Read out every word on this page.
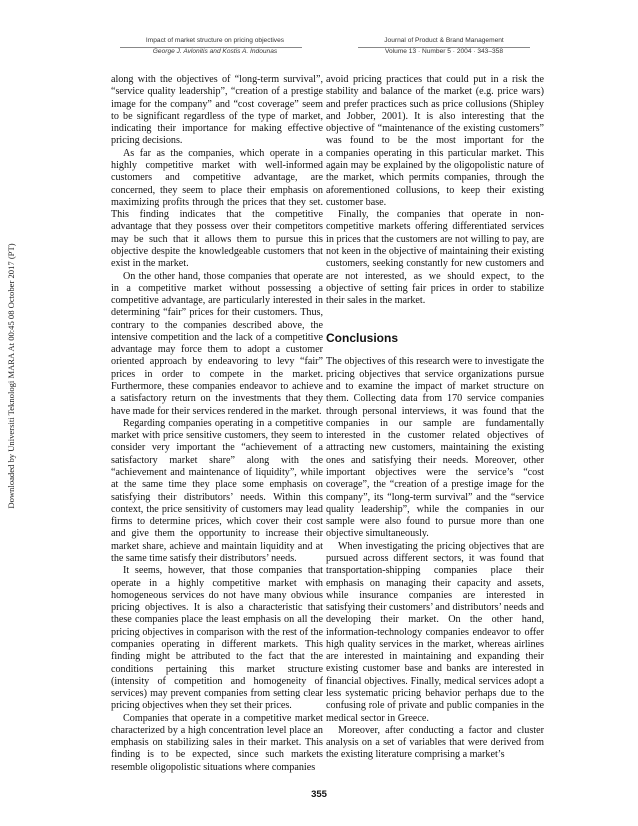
Impact of market structure on pricing objectives
George J. Avlonitis and Kostis A. Indounas
Journal of Product & Brand Management
Volume 13 · Number 5 · 2004 · 343–358
Downloaded by Universiti Teknologi MARA At 00:45 08 October 2017 (PT)

along with the objectives of “long-term survival”, “service quality leadership”, “creation of a prestige image for the company” and “cost coverage” seem to be significant regardless of the type of market, indicating their importance for making effective pricing decisions.

As far as the companies, which operate in a highly competitive market with well-informed customers and competitive advantage, are concerned, they seem to place their emphasis on maximizing profits through the prices that they set. This finding indicates that the competitive advantage that they possess over their competitors may be such that it allows them to pursue this objective despite the knowledgeable customers that exist in the market.

On the other hand, those companies that operate in a competitive market without possessing a competitive advantage, are particularly interested in determining “fair” prices for their customers. Thus, contrary to the companies described above, the intensive competition and the lack of a competitive advantage may force them to adopt a customer oriented approach by endeavoring to levy “fair” prices in order to compete in the market. Furthermore, these companies endeavor to achieve a satisfactory return on the investments that they have made for their services rendered in the market.

Regarding companies operating in a competitive market with price sensitive customers, they seem to consider very important the “achievement of a satisfactory market share” along with the “achievement and maintenance of liquidity”, while at the same time they place some emphasis on satisfying their distributors’ needs. Within this context, the price sensitivity of customers may lead firms to determine prices, which cover their cost and give them the opportunity to increase their market share, achieve and maintain liquidity and at the same time satisfy their distributors’ needs.

It seems, however, that those companies that operate in a highly competitive market with homogeneous services do not have many obvious pricing objectives. It is also a characteristic that these companies place the least emphasis on all the pricing objectives in comparison with the rest of the companies operating in different markets. This finding might be attributed to the fact that the conditions pertaining this market structure (intensity of competition and homogeneity of services) may prevent companies from setting clear pricing objectives when they set their prices.

Companies that operate in a competitive market characterized by a high concentration level place an emphasis on stabilizing sales in their market. This finding is to be expected, since such markets resemble oligopolistic situations where companies

avoid pricing practices that could put in a risk the stability and balance of the market (e.g. price wars) and prefer practices such as price collusions (Shipley and Jobber, 2001). It is also interesting that the objective of “maintenance of the existing customers” was found to be the most important for the companies operating in this particular market. This again may be explained by the oligopolistic nature of the market, which permits companies, through the aforementioned collusions, to keep their existing customer base.

Finally, the companies that operate in non-competitive markets offering differentiated services in prices that the customers are not willing to pay, are not keen in the objective of maintaining their existing customers, seeking constantly for new customers and are not interested, as we should expect, to the objective of setting fair prices in order to stabilize their sales in the market.

Conclusions

The objectives of this research were to investigate the pricing objectives that service organizations pursue and to examine the impact of market structure on them. Collecting data from 170 service companies through personal interviews, it was found that the companies in our sample are fundamentally interested in the customer related objectives of attracting new customers, maintaining the existing ones and satisfying their needs. Moreover, other important objectives were the service’s “cost coverage”, the “creation of a prestige image for the company”, its “long-term survival” and the “service quality leadership”, while the companies in our sample were also found to pursue more than one objective simultaneously.

When investigating the pricing objectives that are pursued across different sectors, it was found that transportation-shipping companies place their emphasis on managing their capacity and assets, while insurance companies are interested in satisfying their customers’ and distributors’ needs and developing their market. On the other hand, information-technology companies endeavor to offer high quality services in the market, whereas airlines are interested in maintaining and expanding their existing customer base and banks are interested in financial objectives. Finally, medical services adopt a less systematic pricing behavior perhaps due to the confusing role of private and public companies in the medical sector in Greece.

Moreover, after conducting a factor and cluster analysis on a set of variables that were derived from the existing literature comprising a market’s

355
